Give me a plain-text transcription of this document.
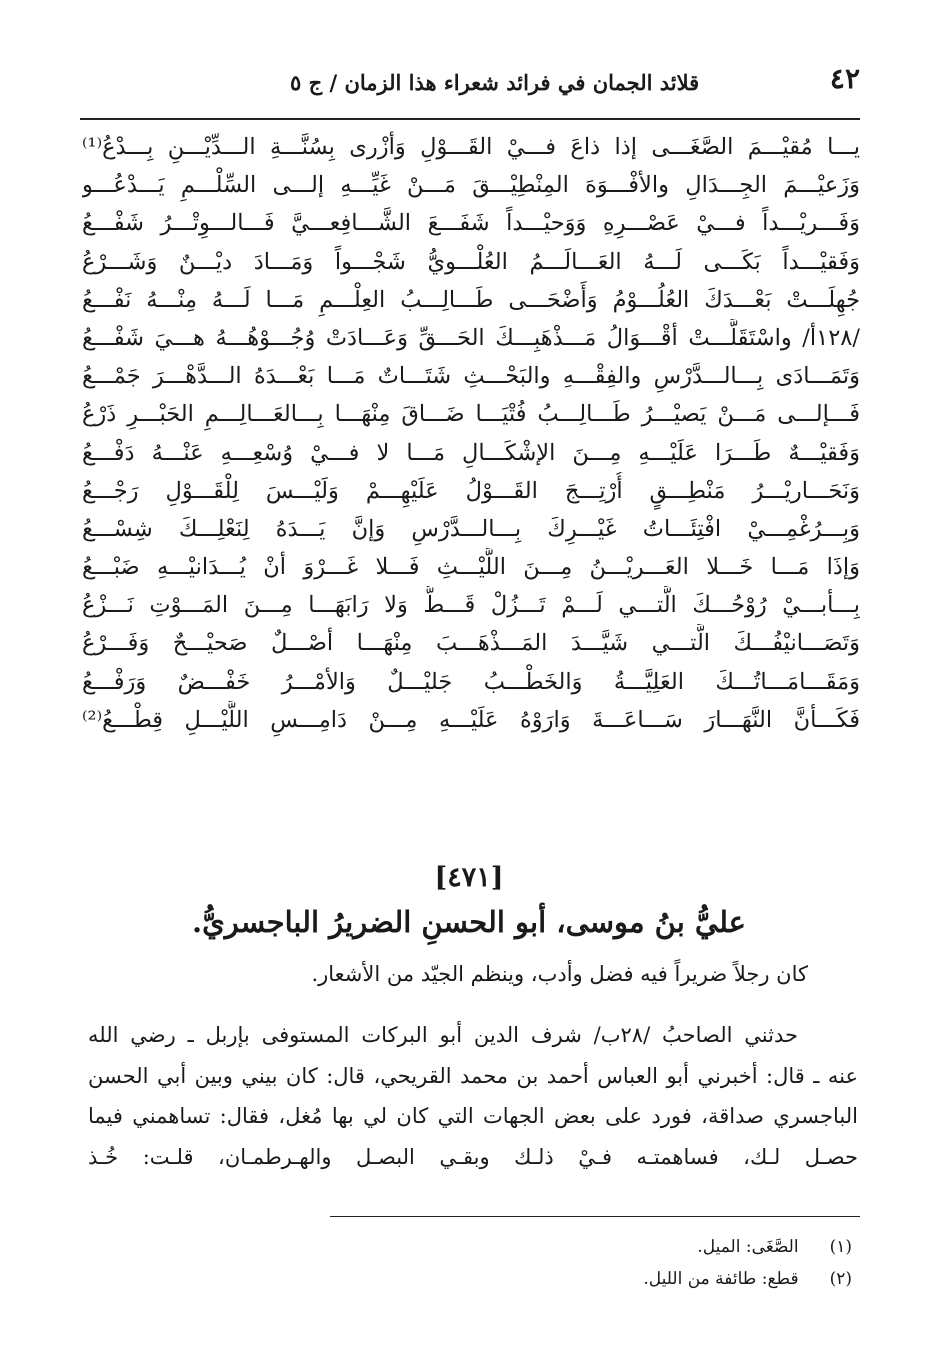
٤٢
قلائد الجمان في فرائد شعراء هذا الزمان / ج ٥
يـــا مُقيْـــمَ الصَّغَـــى إذا ذاعَ فـــيْ القَـــوْلِ وَأزْرى بِسُنَّـــةِ الـــدِّيْـــنِ بِـــدْعُ⁽¹⁾
وَزَعيْـــمَ الجِـــدَالِ والأفْـــوَهَ المِنْطِيْـــقَ مَـــنْ غَيِّـــهِ إلـــى السِّلْـــمِ يَـــدْعُـــو
وَفَـــريْـــداً فـــيْ عَصْـــرِهِ وَوَحيْـــداً شَفَـــعَ الشَّـــافِعـــيَّ فَـــالـــوِتْـــرُ شَفْـــعُ
وَفَقيْـــداً بَكَـــى لَـــهُ العَـــالَـــمُ العُلْـــويُّ شَجْـــواً وَمَـــادَ ديْـــنٌ وَشَـــرْعُ
جُهِلَـــتْ بَعْـــدَكَ العُلُـــوْمُ وَأَضْحَـــى طَـــالِـــبُ العِلْـــمِ مَـــا لَـــهُ مِنْـــهُ نَفْـــعُ
/١٢٨أ/ واسْتَقَلَّـــتْ أقْـــوَالُ مَـــذْهَبِـــكَ الحَـــقِّ وَعَـــادَتْ وُجُـــوْهُـــهُ هـــيَ شَفْـــعُ
وَتَمَـــادَى بِـــالـــدَّرْسِ والفِقْـــهِ والبَحْـــثِ شَتَـــاتٌ مَـــا بَعْـــدَهُ الـــدَّهْـــرَ جَمْـــعُ
فَـــإلـــى مَـــنْ يَصيْـــرُ طَـــالِـــبُ فُتْيَـــا ضَـــاقَ مِنْهَـــا بِـــالعَـــالِـــمِ الحَبْـــرِ ذَرْعُ
وَفَقيْـــهٌ طَـــرَا عَلَيْـــهِ مِـــنَ الإشْكَـــالِ مَـــا لا فـــيْ وُسْعِـــهِ عَنْـــهُ دَفْـــعُ
وَنَحَـــاريْـــرُ مَنْطِـــقٍ أُرْتِـــجَ القَـــوْلُ عَلَيْهِـــمْ وَلَيْـــسَ لِلْقَـــوْلِ رَجْـــعُ
وَبِـــرُغْمِـــيْ افْتِئَـــاتُ غَيْـــرِكَ بِـــالـــدَّرْسِ وَإنَّ يَـــدَهُ لِنَعْلِـــكَ شِسْـــعُ
وَإذَا مَـــا خَـــلا العَـــريْـــنُ مِـــنَ اللَّيْـــثِ فَـــلا غَـــرْوَ أنْ يُـــدَانيْـــهِ ضَبْـــعُ
بِـــأبـــيْ رُوْحُـــكَ الَّتـــي لَـــمْ تَـــزُلْ قَـــطُّ وَلا رَابَهَـــا مِـــنَ المَـــوْتِ نَـــزْعُ
وَتَصَـــانيْفُـــكَ الَّتـــي شَيَّـــدَ المَـــذْهَـــبَ مِنْهَـــا أصْـــلٌ صَحيْـــحٌ وَفَـــرْعُ
وَمَقَـــامَـــاتُـــكَ العَلِيَّـــةُ وَالخَطْـــبُ جَليْـــلٌ وَالأمْـــرُ خَفْـــضٌ وَرَفْـــعُ
فَكَـــأنَّ النَّهَـــارَ سَـــاعَـــةَ وَارَوْهُ عَلَيْـــهِ مِـــنْ دَامِـــسِ اللَّيْـــلِ قِطْـــعُ⁽²⁾
[٤٧١]
عليُّ بنُ موسى، أبو الحسنِ الضريرُ الباجسريُّ.
كان رجلاً ضريراً فيه فضل وأدب، وينظم الجيّد من الأشعار.
حدثني الصاحبُ /٢٨ب/ شرف الدين أبو البركات المستوفى بإربل ـ رضي الله
عنه ـ قال: أخبرني أبو العباس أحمد بن محمد القريحي، قال: كان بيني وبين أبي الحسن
الباجسري صداقة، فورد على بعض الجهات التي كان لي بها مُغل، فقال: تساهمني فيما
حصـل لـك، فساهمتـه فـيْ ذلـك وبقـي البصـل والهـرطمـان، قلـت: خُـذ
(١) الصَّغَى: الميل.
(٢) قطع: طائفة من الليل.
